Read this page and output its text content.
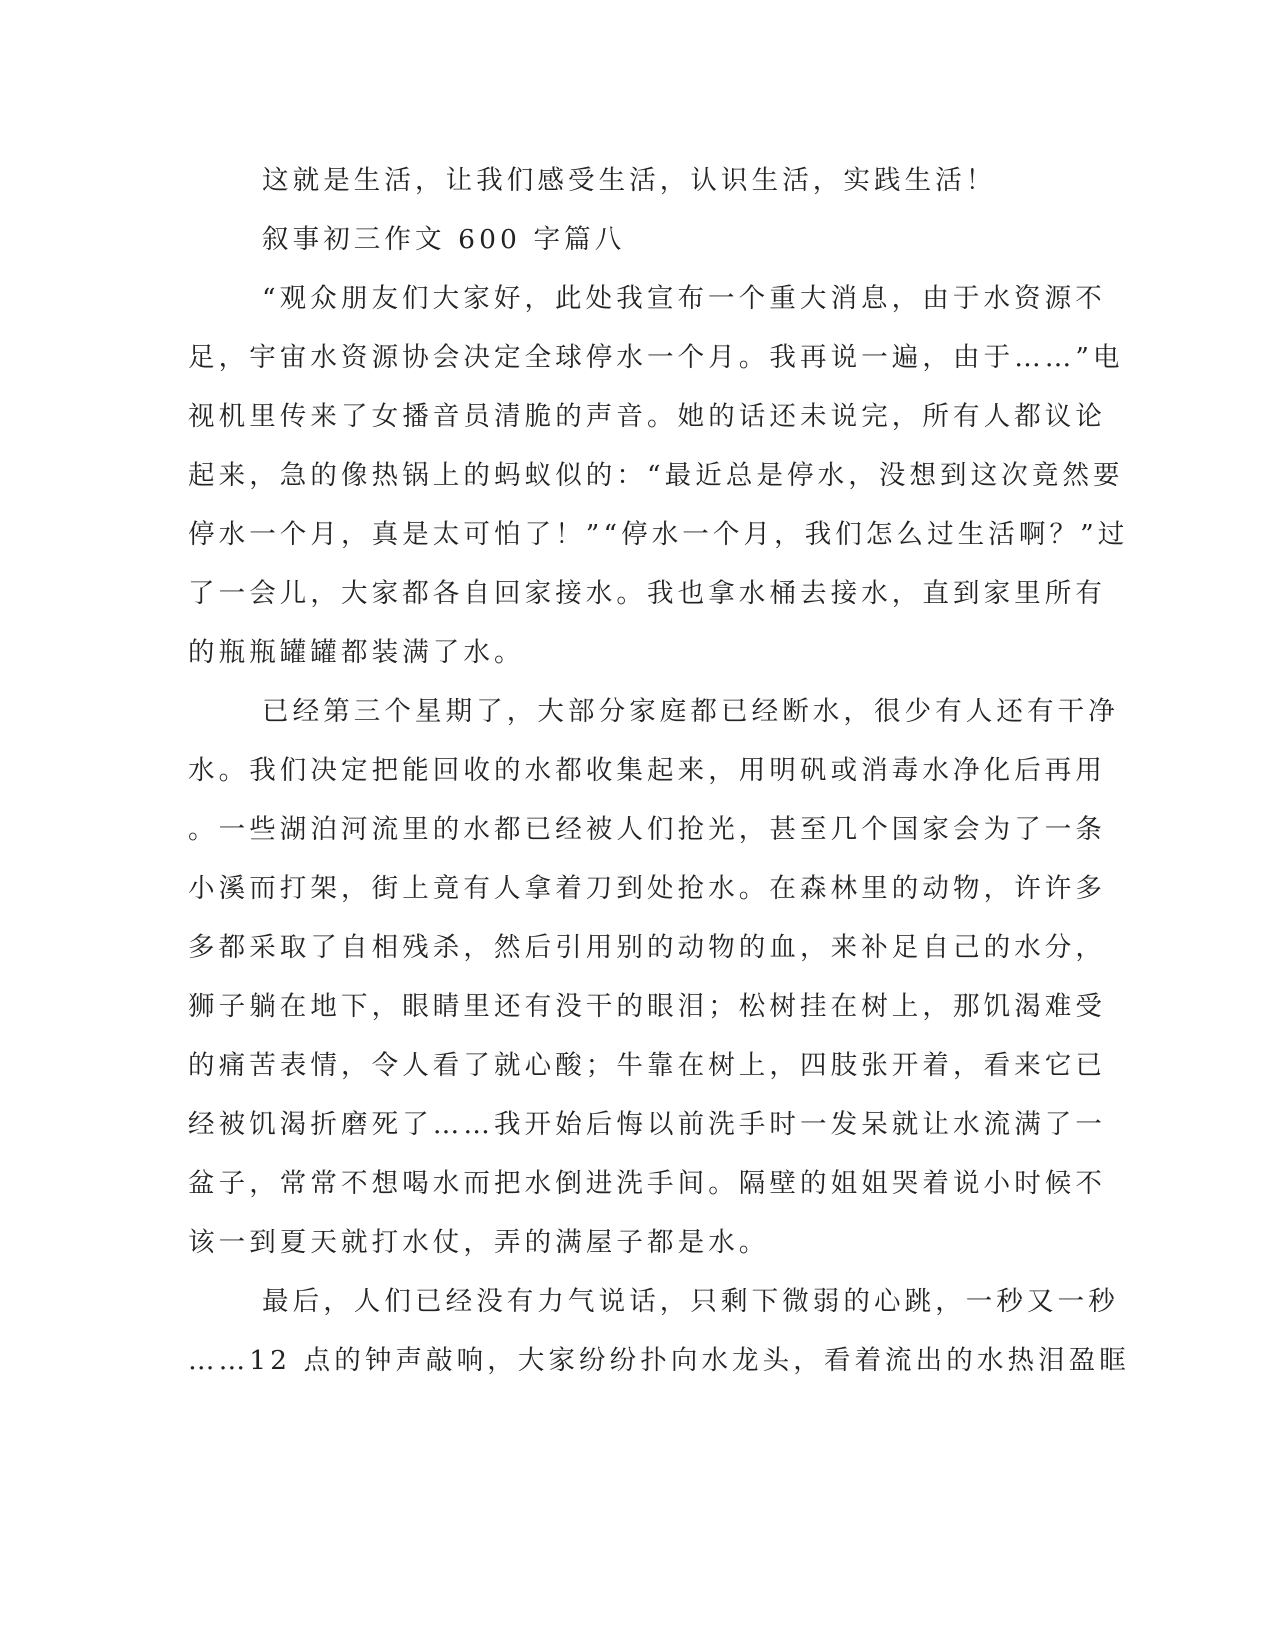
这就是生活，让我们感受生活，认识生活，实践生活！
叙事初三作文 600 字篇八
“观众朋友们大家好，此处我宣布一个重大消息，由于水资源不
足，宇宙水资源协会决定全球停水一个月。我再说一遍，由于……”电
视机里传来了女播音员清脆的声音。她的话还未说完，所有人都议论
起来，急的像热锅上的蚂蚁似的：“最近总是停水，没想到这次竟然要
停水一个月，真是太可怕了！”“停水一个月，我们怎么过生活啊？”过
了一会儿，大家都各自回家接水。我也拿水桶去接水，直到家里所有
的瓶瓶罐罐都装满了水。
已经第三个星期了，大部分家庭都已经断水，很少有人还有干净
水。我们决定把能回收的水都收集起来，用明矾或消毒水净化后再用
。一些湖泊河流里的水都已经被人们抢光，甚至几个国家会为了一条
小溪而打架，街上竟有人拿着刀到处抢水。在森林里的动物，许许多
多都采取了自相残杀，然后引用别的动物的血，来补足自己的水分，
狮子躺在地下，眼睛里还有没干的眼泪；松树挂在树上，那饥渴难受
的痛苦表情，令人看了就心酸；牛靠在树上，四肢张开着，看来它已
经被饥渴折磨死了……我开始后悔以前洗手时一发呆就让水流满了一
盆子，常常不想喝水而把水倒进洗手间。隔壁的姐姐哭着说小时候不
该一到夏天就打水仗，弄的满屋子都是水。
最后，人们已经没有力气说话，只剩下微弱的心跳，一秒又一秒
……12 点的钟声敲响，大家纷纷扑向水龙头，看着流出的水热泪盈眶
